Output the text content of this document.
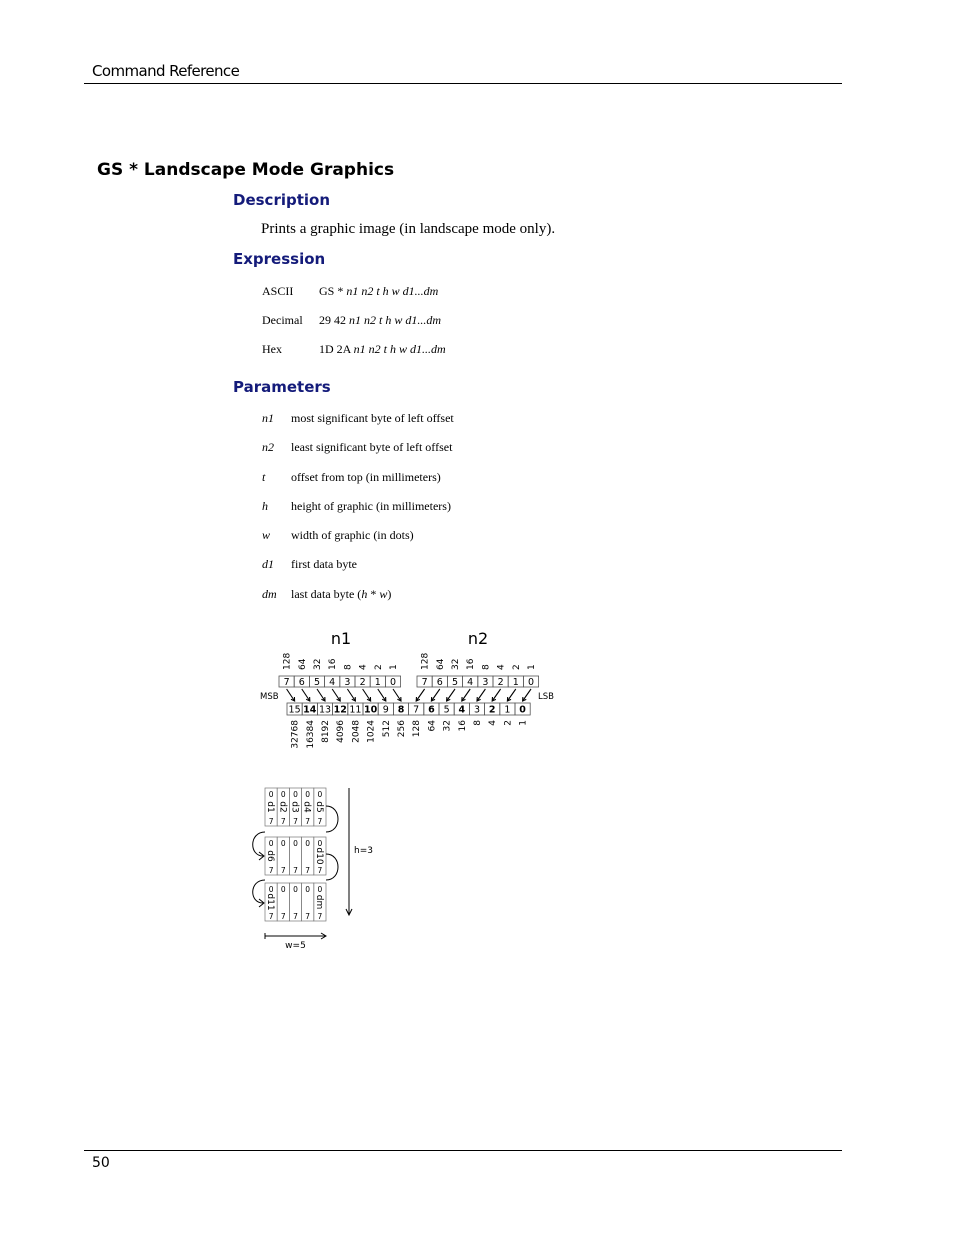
Command Reference
GS * Landscape Mode Graphics
Description
Prints a graphic image (in landscape mode only).
Expression
ASCII GS * n1 n2 t h w d1...dm
Decimal 29 42 n1 n2 t h w d1...dm
Hex	1D 2A n1 n2 t h w d1...dm
Parameters
n1 most significant byte of left offset
n2 least significant byte of left offset
t offset from top (in millimeters)
h height of graphic (in millimeters)
w width of graphic (in dots)
d1 first data byte
dm last data byte (h * w)
n1	n2
128 64 32 16 8 4 2 1
7 6 5 4 3 2 1 0
128 64 32 16 8 4 2 1
7 6 5 4 3 2 1 0
MSB	LSB
15 14 13 12 11 10 9 8 7 6 5 4 3 2 1 0
32768 16384 8192 4096 2048 1024 512 256 128 64 32 16 8 4 2 1
0
7
d1
0
7
d2
0
7
d3
0
7
d4
0
7
d5
0
7
d6
0
7
0
7
0
7
0
7
d10
0
7
d11
0
7
0
7
0
7
0
7
dm
h=3
w=5
50
